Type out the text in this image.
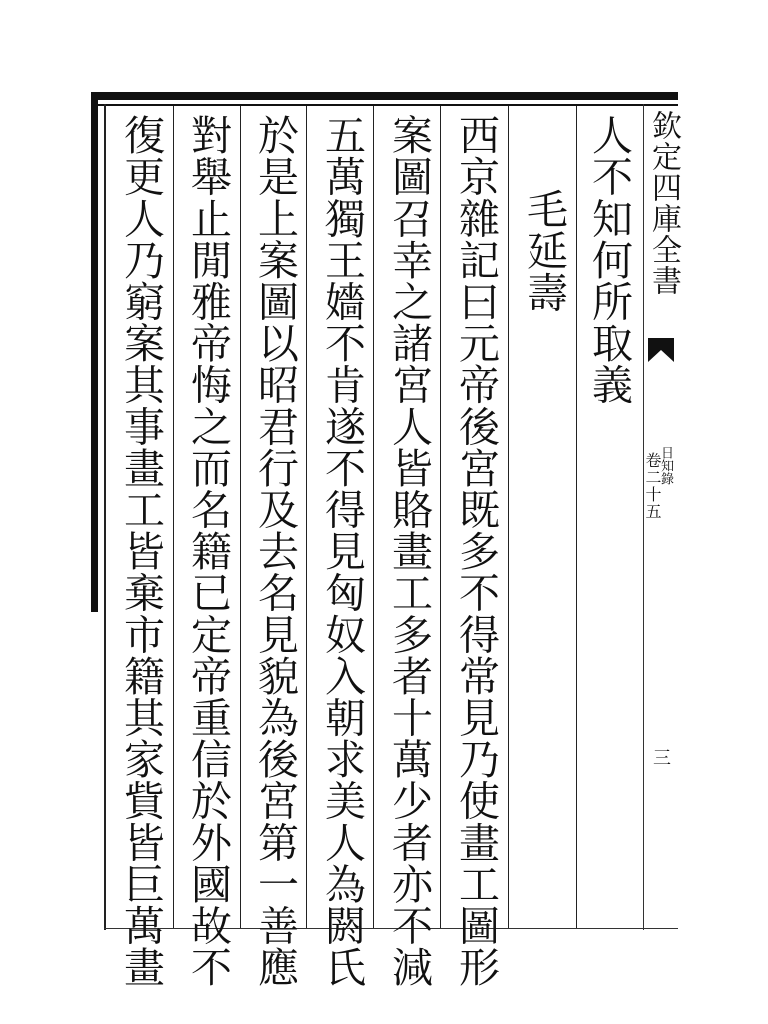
人不知何所取義
毛延壽
西京雜記曰元帝後宮既多不得常見乃使畫工圖形
案圖召幸之諸宮人皆賂畫工多者十萬少者亦不減
五萬獨王嬙不肯遂不得見匈奴入朝求美人為閼氏
於是上案圖以昭君行及去名見貌為後宮第一善應
對舉止閒雅帝悔之而名籍已定帝重信於外國故不
復更人乃窮案其事畫工皆棄市籍其家貲皆巨萬畫	欽定四庫全書
日知錄
卷二十五
三
